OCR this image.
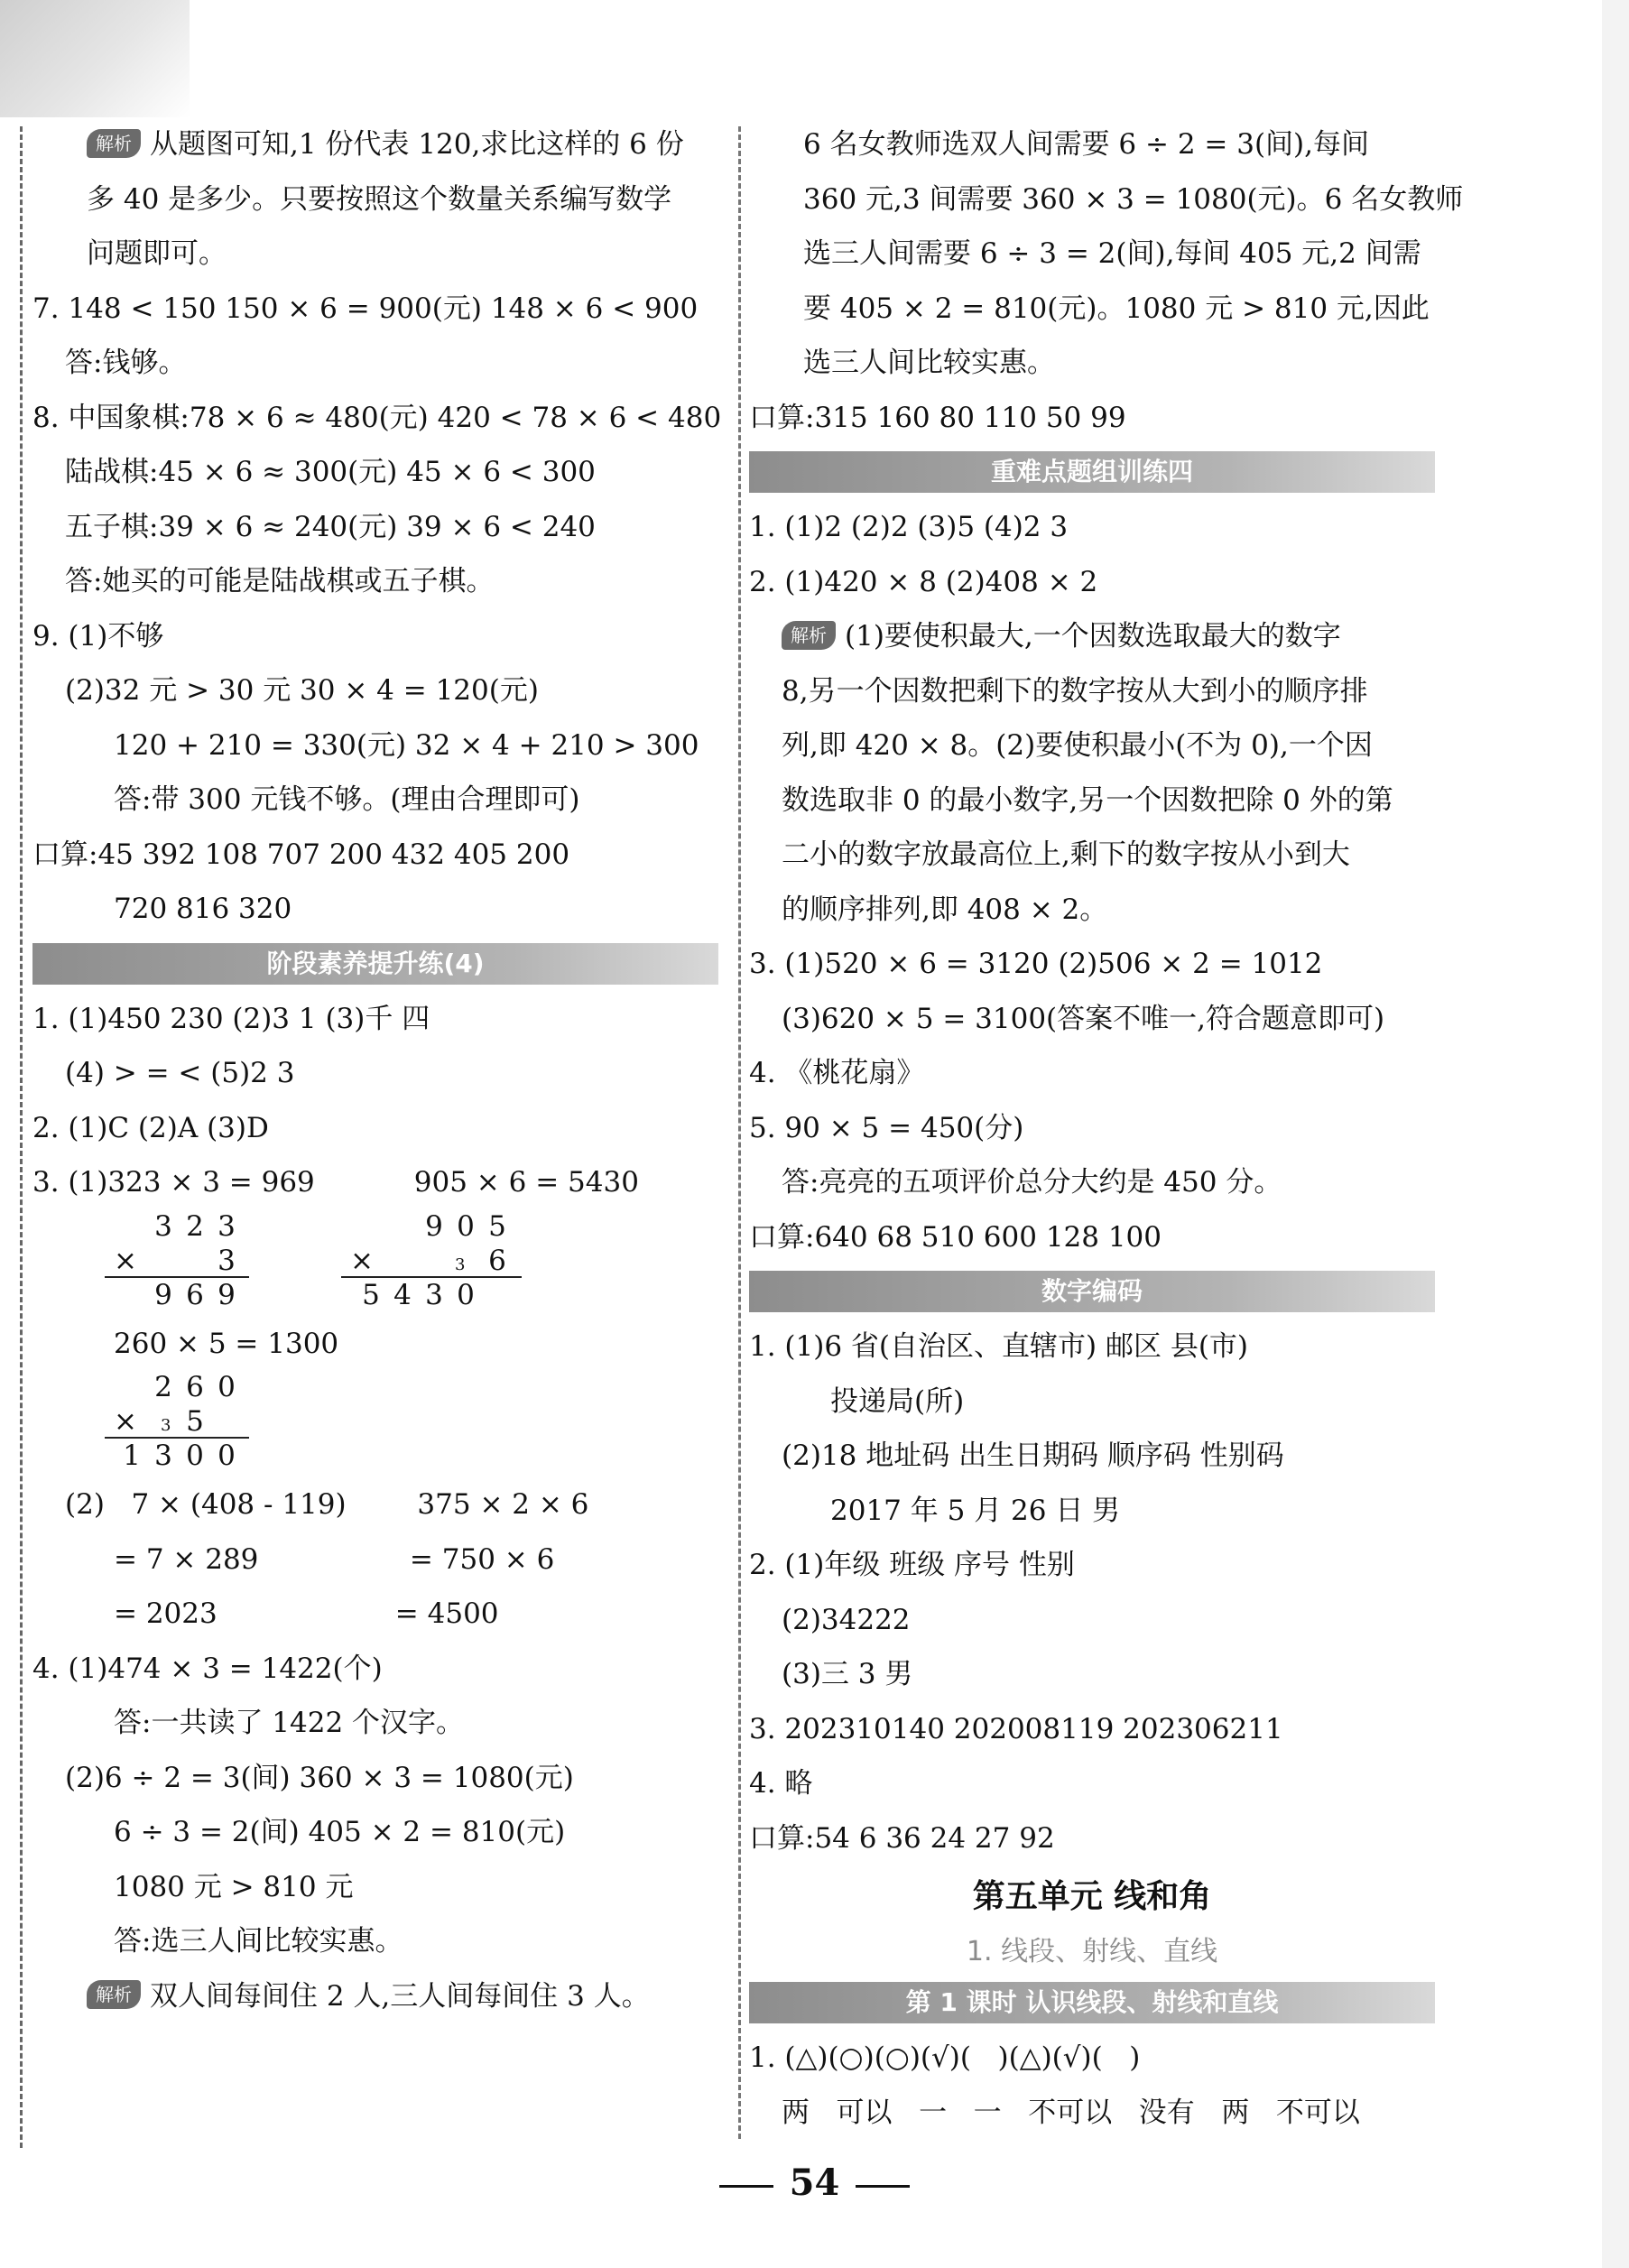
解析 从题图可知,1 份代表 120,求比这样的 6 份
多 40 是多少。只要按照这个数量关系编写数学
问题即可。
7. 148 < 150 150 × 6 = 900(元) 148 × 6 < 900
答:钱够。
8. 中国象棋:78 × 6 ≈ 480(元) 420 < 78 × 6 < 480
陆战棋:45 × 6 ≈ 300(元) 45 × 6 < 300
五子棋:39 × 6 ≈ 240(元) 39 × 6 < 240
答:她买的可能是陆战棋或五子棋。
9. (1)不够
(2)32 元 > 30 元 30 × 4 = 120(元)
120 + 210 = 330(元) 32 × 4 + 210 > 300
答:带 300 元钱不够。(理由合理即可)
口算:45 392 108 707 200 432 405 200
720 816 320
阶段素养提升练(4)
1. (1)450 230 (2)3 1 (3)千 四
(4) > = < (5)2 3
2. (1)C (2)A (3)D
3. (1)323 × 3 = 969	905 × 6 = 5430
3 2 3
×	3
9 6 9
9 0 5
×	3 6
5 4 3 0
260 × 5 = 1300
2 6 0
× 3 5
1 3 0 0
(2)   7 × (408 - 119)        375 × 2 × 6
= 7 × 289                 = 750 × 6
= 2023                    = 4500
4. (1)474 × 3 = 1422(个)
答:一共读了 1422 个汉字。
(2)6 ÷ 2 = 3(间) 360 × 3 = 1080(元)
6 ÷ 3 = 2(间) 405 × 2 = 810(元)
1080 元 > 810 元
答:选三人间比较实惠。
解析 双人间每间住 2 人,三人间每间住 3 人。
6 名女教师选双人间需要 6 ÷ 2 = 3(间),每间
360 元,3 间需要 360 × 3 = 1080(元)。6 名女教师
选三人间需要 6 ÷ 3 = 2(间),每间 405 元,2 间需
要 405 × 2 = 810(元)。1080 元 > 810 元,因此
选三人间比较实惠。
口算:315 160 80 110 50 99
重难点题组训练四
1. (1)2 (2)2 (3)5 (4)2 3
2. (1)420 × 8 (2)408 × 2
解析 (1)要使积最大,一个因数选取最大的数字
8,另一个因数把剩下的数字按从大到小的顺序排
列,即 420 × 8。(2)要使积最小(不为 0),一个因
数选取非 0 的最小数字,另一个因数把除 0 外的第
二小的数字放最高位上,剩下的数字按从小到大
的顺序排列,即 408 × 2。
3. (1)520 × 6 = 3120 (2)506 × 2 = 1012
(3)620 × 5 = 3100(答案不唯一,符合题意即可)
4. 《桃花扇》
5. 90 × 5 = 450(分)
答:亮亮的五项评价总分大约是 450 分。
口算:640 68 510 600 128 100
数字编码
1. (1)6 省(自治区、直辖市) 邮区 县(市)
投递局(所)
(2)18 地址码 出生日期码 顺序码 性别码
2017 年 5 月 26 日 男
2. (1)年级 班级 序号 性别
(2)34222
(3)三 3 男
3. 202310140 202008119 202306211
4. 略
口算:54 6 36 24 27 92
第五单元 线和角
1. 线段、射线、直线
第 1 课时 认识线段、射线和直线
1. (△)(○)(○)(√)(   )(△)(√)(   )
两   可以   一   一   不可以   没有   两   不可以
54
